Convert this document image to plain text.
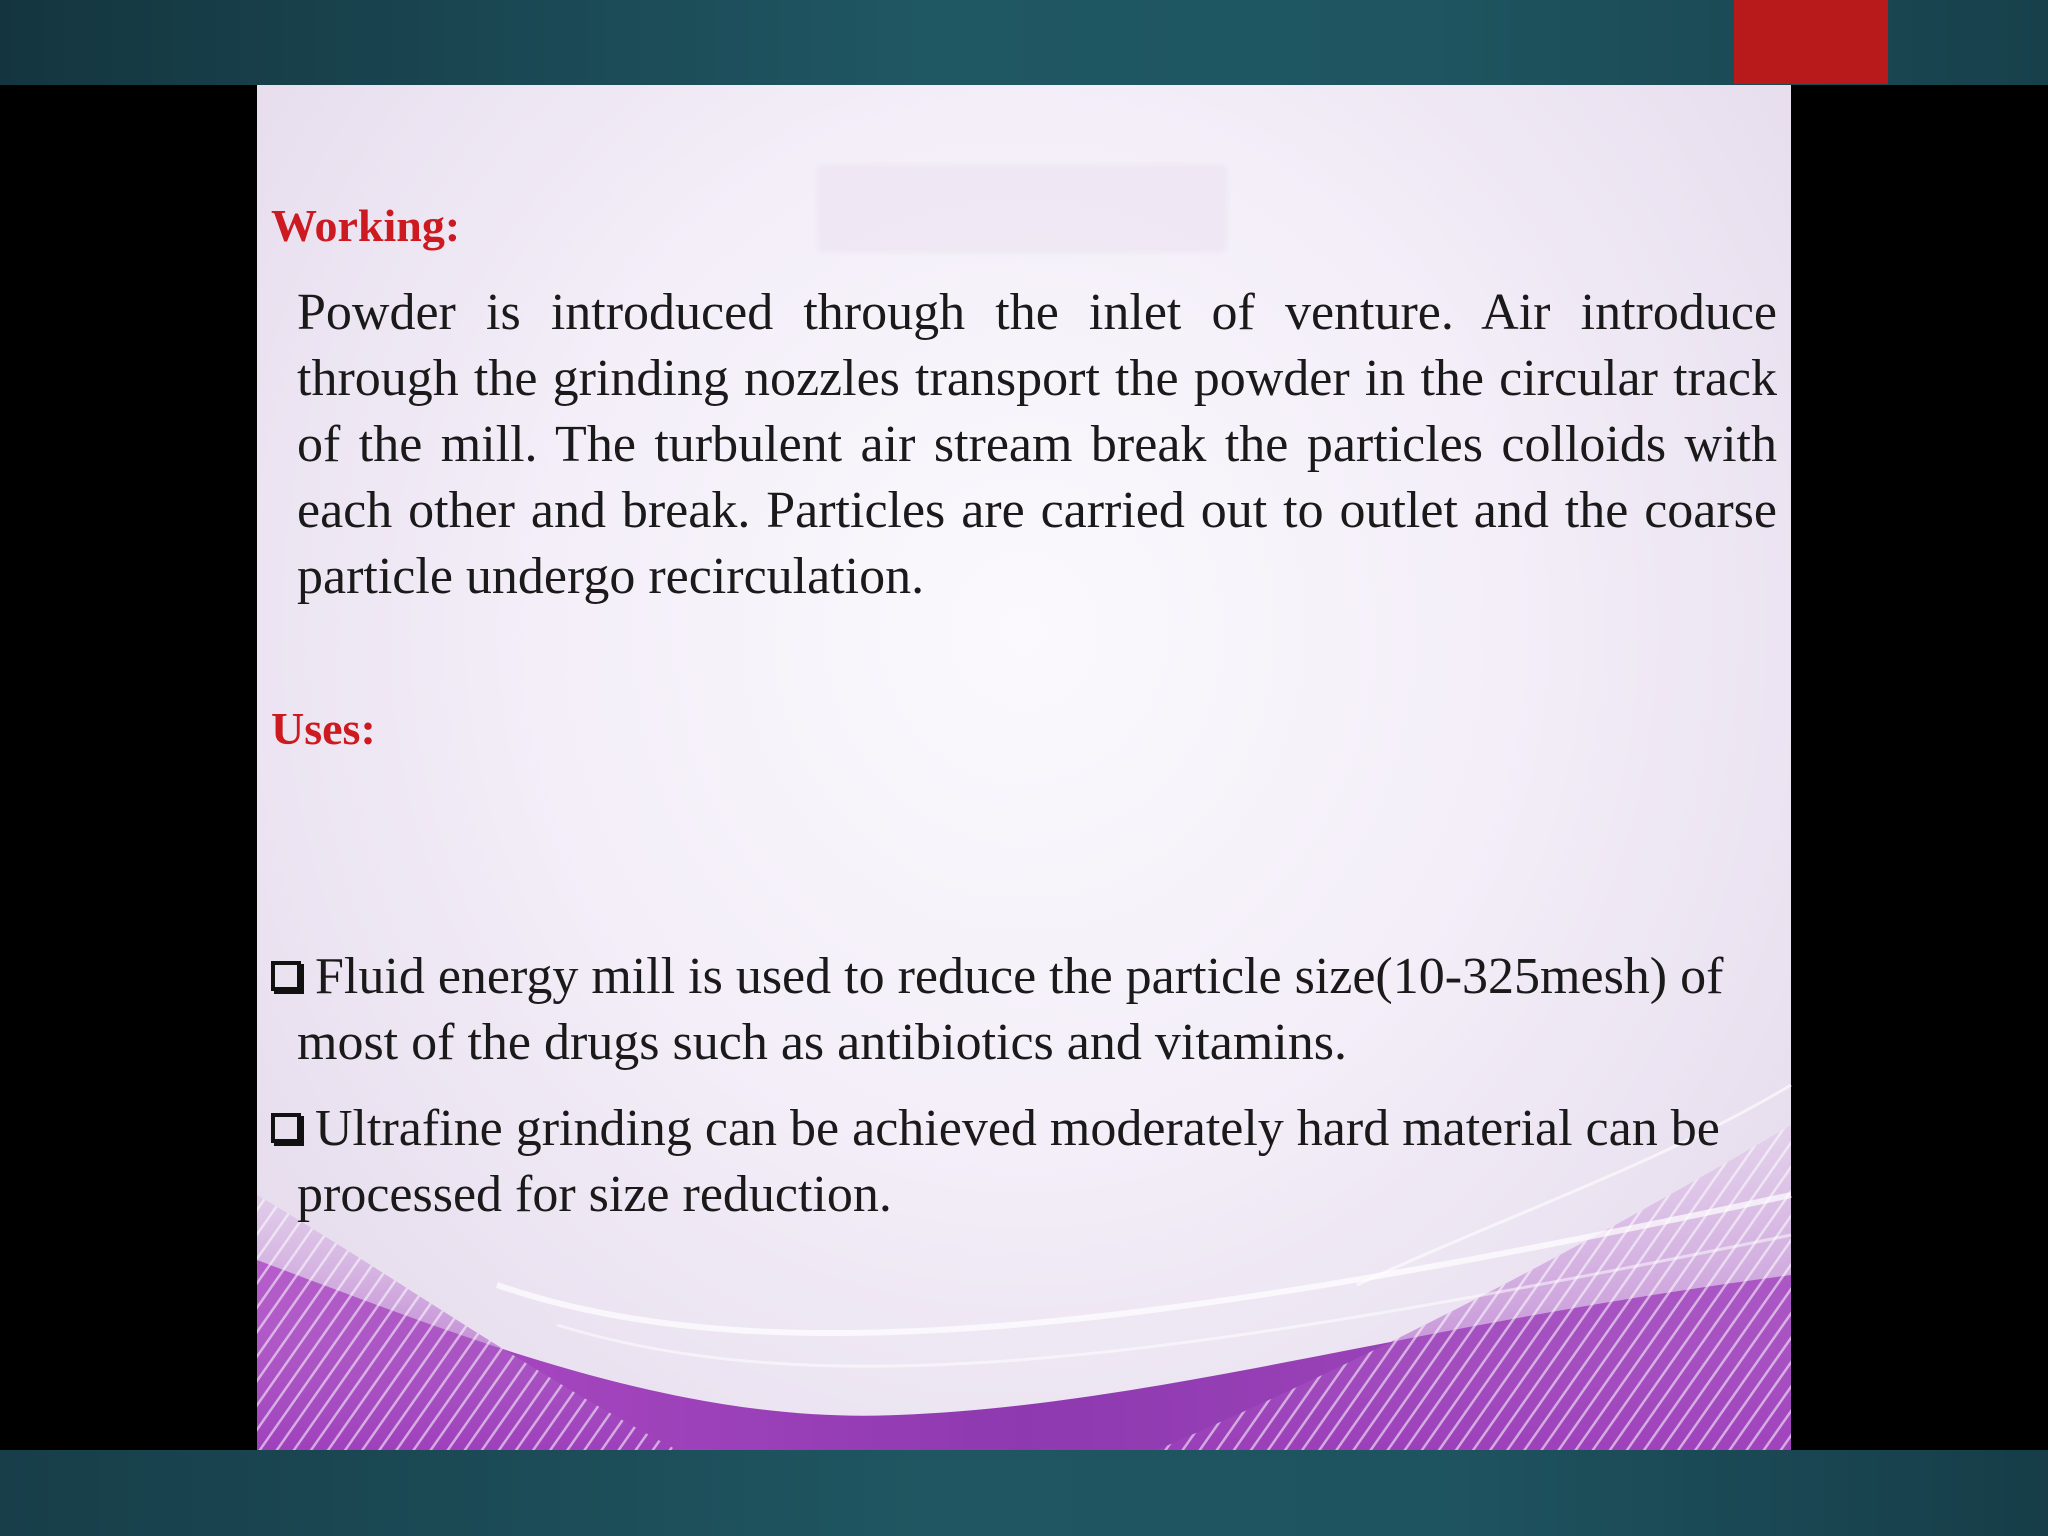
Working:
Powder is introduced through the inlet of venture. Air introduce through the grinding nozzles transport the powder in the circular track of the mill. The turbulent air stream break the particles colloids with each other and break. Particles are carried out to outlet and the coarse particle undergo recirculation.
Uses:
Fluid energy mill is used to reduce the particle size(10-325mesh) of
most of the drugs such as antibiotics and vitamins.
Ultrafine grinding can be achieved moderately hard material can be
processed for size reduction.
